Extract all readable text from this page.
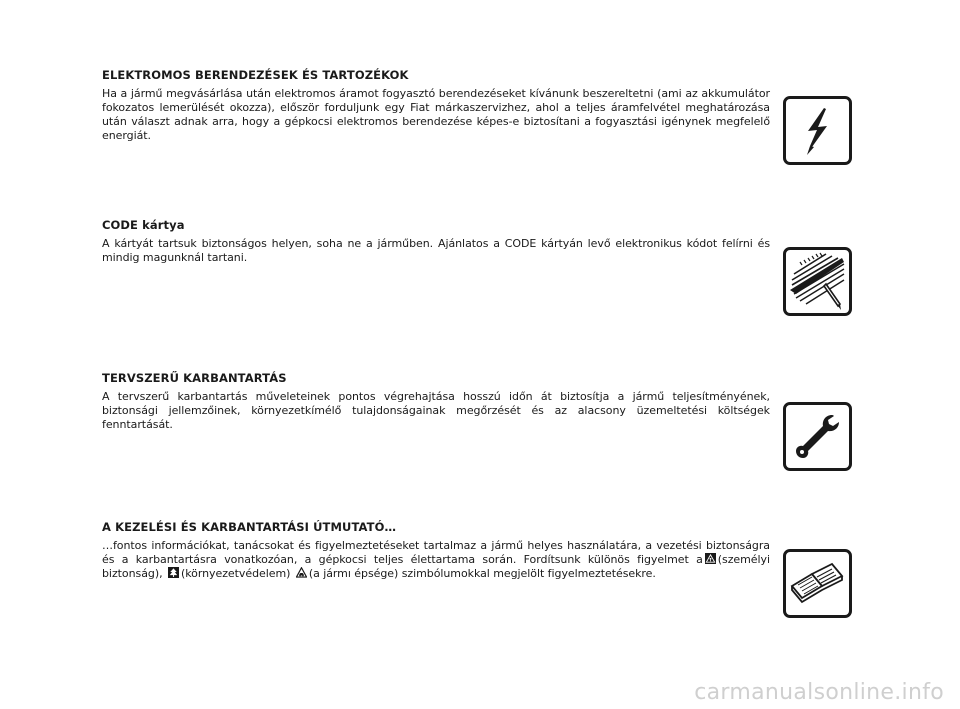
ELEKTROMOS BERENDEZÉSEK ÉS TARTOZÉKOK

Ha a jármű megvásárlása után elektromos áramot fogyasztó berendezéseket kívánunk beszereltetni (ami az akkumulátor fokozatos lemerülését okozza), először forduljunk egy Fiat márkaszervizhez, ahol a teljes áramfelvétel meghatározása után választ adnak arra, hogy a gépkocsi elektromos berendezése képes-e biztosítani a fogyasztási igénynek megfelelő energiát.

CODE kártya

A kártyát tartsuk biztonságos helyen, soha ne a járműben. Ajánlatos a CODE kártyán levő elektronikus kódot felírni és mindig magunknál tartani.

TERVSZERŰ KARBANTARTÁS

A tervszerű karbantartás műveleteinek pontos végrehajtása hosszú időn át biztosítja a jármű teljesítményének, biztonsági jellemzőinek, környezetkímélő tulajdonságainak megőrzését és az alacsony üzemeltetési költségek fenntartását.

A KEZELÉSI ÉS KARBANTARTÁSI ÚTMUTATÓ…

…fontos információkat, tanácsokat és figyelmeztetéseket tartalmaz a jármű helyes használatára, a vezetési biztonságra és a karbantartásra vonatkozóan, a gépkocsi teljes élettartama során. Fordítsunk különös figyelmet a (személyi biztonság), (környezetvédelem) (a jármı épsége) szimbólumokkal megjelölt figyelmeztetésekre.

carmanualsonline.info
